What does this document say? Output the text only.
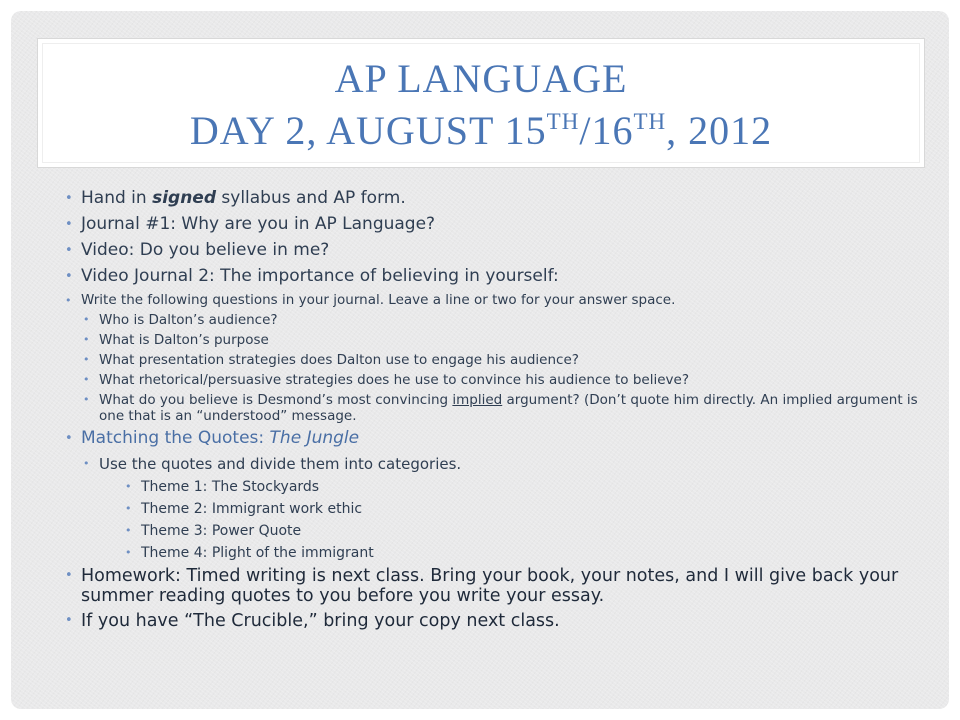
AP LANGUAGE
DAY 2, AUGUST 15TH/16TH, 2012
• Hand in signed syllabus and AP form.
• Journal #1: Why are you in AP Language?
• Video: Do you believe in me?
• Video Journal 2: The importance of believing in yourself:
• Write the following questions in your journal. Leave a line or two for your answer space.
• Who is Dalton’s audience?
• What is Dalton’s purpose
• What presentation strategies does Dalton use to engage his audience?
• What rhetorical/persuasive strategies does he use to convince his audience to believe?
• What do you believe is Desmond’s most convincing implied argument? (Don’t quote him directly. An implied argument is one that is an “understood” message.
• Matching the Quotes: The Jungle
• Use the quotes and divide them into categories.
• Theme 1: The Stockyards
• Theme 2: Immigrant work ethic
• Theme 3: Power Quote
• Theme 4: Plight of the immigrant
• Homework: Timed writing is next class. Bring your book, your notes, and I will give back your summer reading quotes to you before you write your essay.
• If you have “The Crucible,” bring your copy next class.
